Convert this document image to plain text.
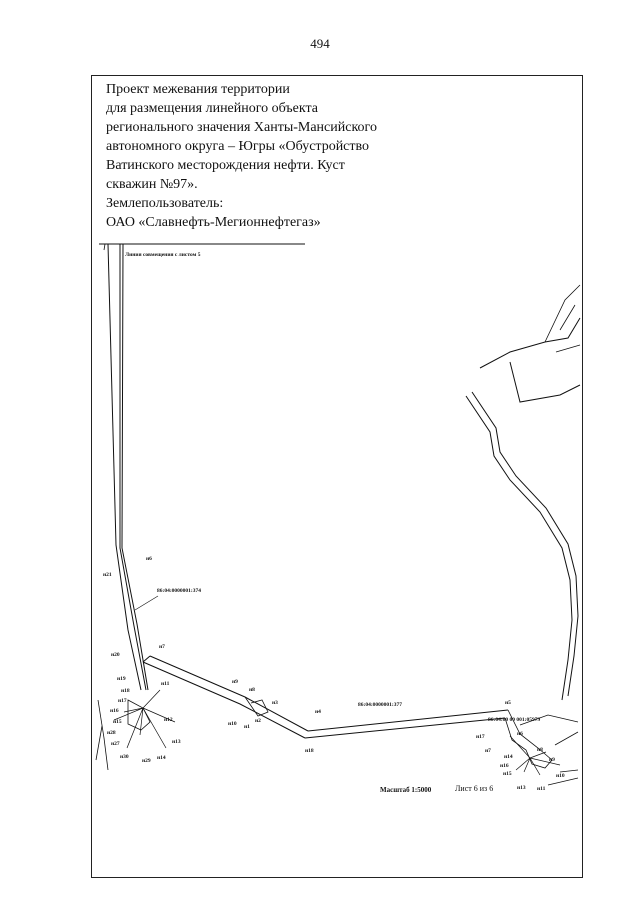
494
Проект межевания территории
для размещения линейного объекта
регионального значения Ханты-Мансийского
автономного округа – Югры «Обустройство
Ватинского месторождения нефти. Куст
скважин №97».
Землепользователь:
ОАО «Славнефть-Мегионнефтегаз»
Линия совмещения с листом 5
86:04:0000001:374
86:04:0000001:377
86:04:00 00 001:05979
н6
н21
н7
н20
н19
н11
н18
н17
н16
н15	н12
н28
н27	н13
н30
н29 н14
н9
н8
н3
н2
н10 н1
н4
н18
н5
н6
н17
н7	н8
н14	н9
н16
н15	н10
н13 н11
Масштаб 1:5000	Лист 6 из 6
